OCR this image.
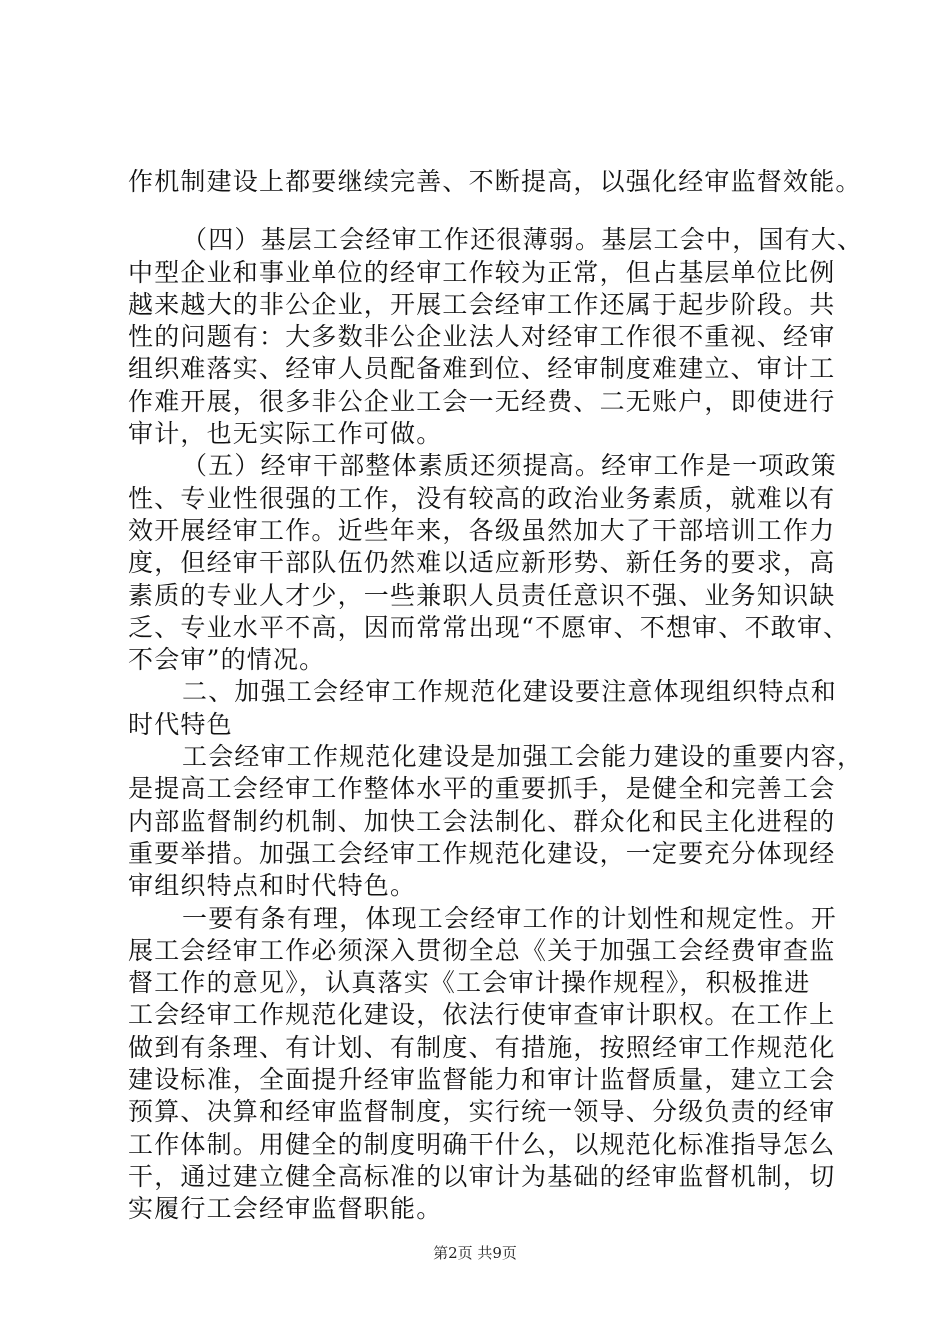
作机制建设上都要继续完善、不断提高，以强化经审监督效能。
（四）基层工会经审工作还很薄弱。基层工会中，国有大、
中型企业和事业单位的经审工作较为正常，但占基层单位比例
越来越大的非公企业，开展工会经审工作还属于起步阶段。共
性的问题有：大多数非公企业法人对经审工作很不重视、经审
组织难落实、经审人员配备难到位、经审制度难建立、审计工
作难开展，很多非公企业工会一无经费、二无账户，即使进行
审计，也无实际工作可做。
（五）经审干部整体素质还须提高。经审工作是一项政策
性、专业性很强的工作，没有较高的政治业务素质，就难以有
效开展经审工作。近些年来，各级虽然加大了干部培训工作力
度，但经审干部队伍仍然难以适应新形势、新任务的要求，高
素质的专业人才少，一些兼职人员责任意识不强、业务知识缺
乏、专业水平不高，因而常常出现“不愿审、不想审、不敢审、
不会审”的情况。
二、加强工会经审工作规范化建设要注意体现组织特点和
时代特色
工会经审工作规范化建设是加强工会能力建设的重要内容，
是提高工会经审工作整体水平的重要抓手，是健全和完善工会
内部监督制约机制、加快工会法制化、群众化和民主化进程的
重要举措。加强工会经审工作规范化建设，一定要充分体现经
审组织特点和时代特色。
一要有条有理，体现工会经审工作的计划性和规定性。开
展工会经审工作必须深入贯彻全总《关于加强工会经费审查监
督工作的意见》，认真落实《工会审计操作规程》，积极推进
工会经审工作规范化建设，依法行使审查审计职权。在工作上
做到有条理、有计划、有制度、有措施，按照经审工作规范化
建设标准，全面提升经审监督能力和审计监督质量，建立工会
预算、决算和经审监督制度，实行统一领导、分级负责的经审
工作体制。用健全的制度明确干什么，以规范化标准指导怎么
干，通过建立健全高标准的以审计为基础的经审监督机制，切
实履行工会经审监督职能。
第2页 共9页
